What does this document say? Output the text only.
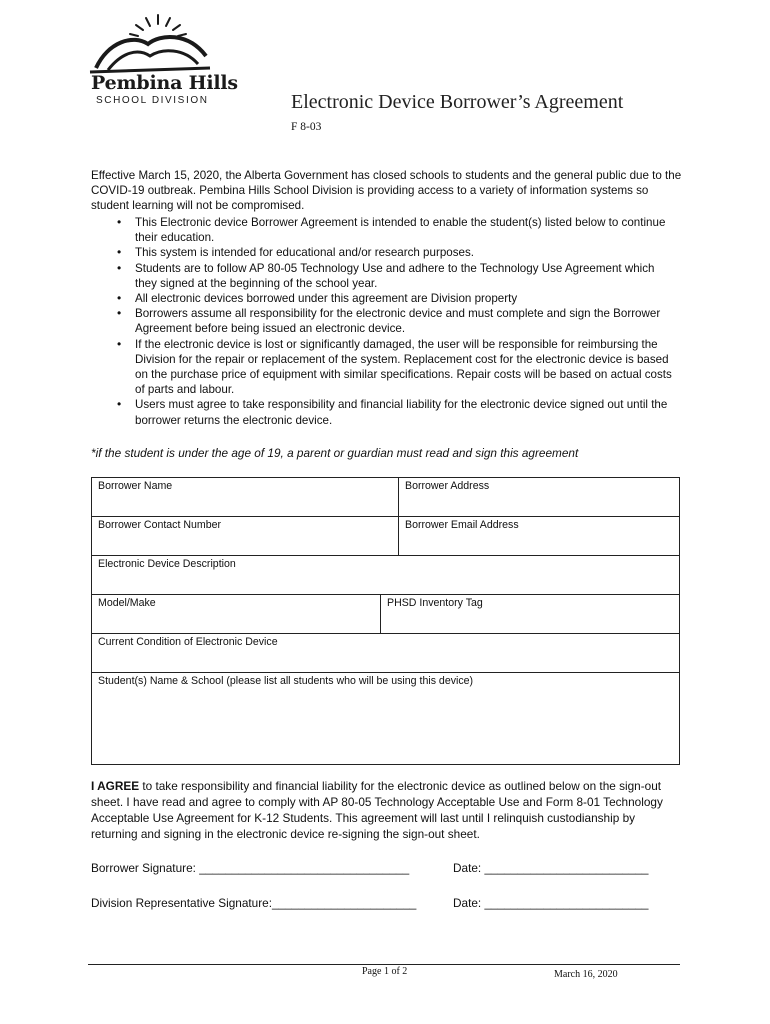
Pembina Hills
SCHOOL DIVISION	Electronic Device Borrower’s Agreement
F 8-03
Effective March 15, 2020, the Alberta Government has closed schools to students and the general public due to the COVID-19 outbreak. Pembina Hills School Division is providing access to a variety of information systems so student learning will not be compromised.
• This Electronic device Borrower Agreement is intended to enable the student(s) listed below to continue their education.
• This system is intended for educational and/or research purposes.
• Students are to follow AP 80-05 Technology Use and adhere to the Technology Use Agreement which they signed at the beginning of the school year.
• All electronic devices borrowed under this agreement are Division property
• Borrowers assume all responsibility for the electronic device and must complete and sign the Borrower Agreement before being issued an electronic device.
• If the electronic device is lost or significantly damaged, the user will be responsible for reimbursing the Division for the repair or replacement of the system. Replacement cost for the electronic device is based on the purchase price of equipment with similar specifications. Repair costs will be based on actual costs of parts and labour.
• Users must agree to take responsibility and financial liability for the electronic device signed out until the borrower returns the electronic device.
*if the student is under the age of 19, a parent or guardian must read and sign this agreement
Borrower Name	Borrower Address
Borrower Contact Number	Borrower Email Address
Electronic Device Description

Model/Make	PHSD Inventory Tag

Current Condition of Electronic Device
Student(s) Name & School (please list all students who will be using this device)
I AGREE to take responsibility and financial liability for the electronic device as outlined below on the sign-out sheet. I have read and agree to comply with AP 80-05 Technology Acceptable Use and Form 8-01 Technology Acceptable Use Agreement for K-12 Students. This agreement will last until I relinquish custodianship by returning and signing in the electronic device re-signing the sign-out sheet.
Borrower Signature: ________________________________	Date: _________________________
Division Representative Signature:______________________	Date: _________________________
Page 1 of 2	March 16, 2020
